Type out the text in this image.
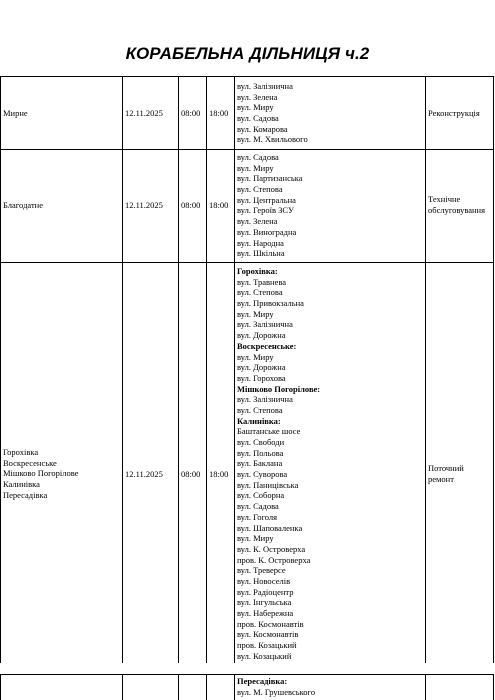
КОРАБЕЛЬНА ДІЛЬНИЦЯ ч.2
Мирне	12.11.2025 08:00 18:00
вул. Залізнична
вул. Зелена
вул. Миру
вул. Садова
вул. Комарова
вул. М. Хвильового
Реконструкція
Благодатне	12.11.2025 08:00 18:00
вул. Садова
вул. Миру
вул. Партизанська
вул. Степова
вул. Центральна
вул. Героїв ЗСУ
вул. Зелена
вул. Виноградна
вул. Народна
вул. Шкільна
Технічне
обслуговування
Горохівка
Воскресенське
Мішково Погорілове
Калинівка
Пересадівка
12.11.2025 08:00 18:00
Горохівка:
вул. Травнева
вул. Степова
вул. Привокзальна
вул. Миру
вул. Залізнична
вул. Дорожна
Воскресенське:
вул. Миру
вул. Дорожна
вул. Горохова
Мішково Погорілове:
вул. Залізнична
вул. Степова
Калинівка:
Баштанське шосе
вул. Свободи
вул. Польова
вул. Баклана
вул. Суворова
вул. Паницівська
вул. Соборна
вул. Садова
вул. Гоголя
вул. Шаповаленка
вул. Миру
вул. К. Островерха
пров. К. Островерха
вул. Треверсе
вул. Новоселів
вул. Радіоцентр
вул. Інгульська
вул. Набережна
пров. Космонавтів
вул. Космонавтів
пров. Козацький
вул. Козацький
Поточний
ремонт
Пересадівка:
вул. М. Грушевського
